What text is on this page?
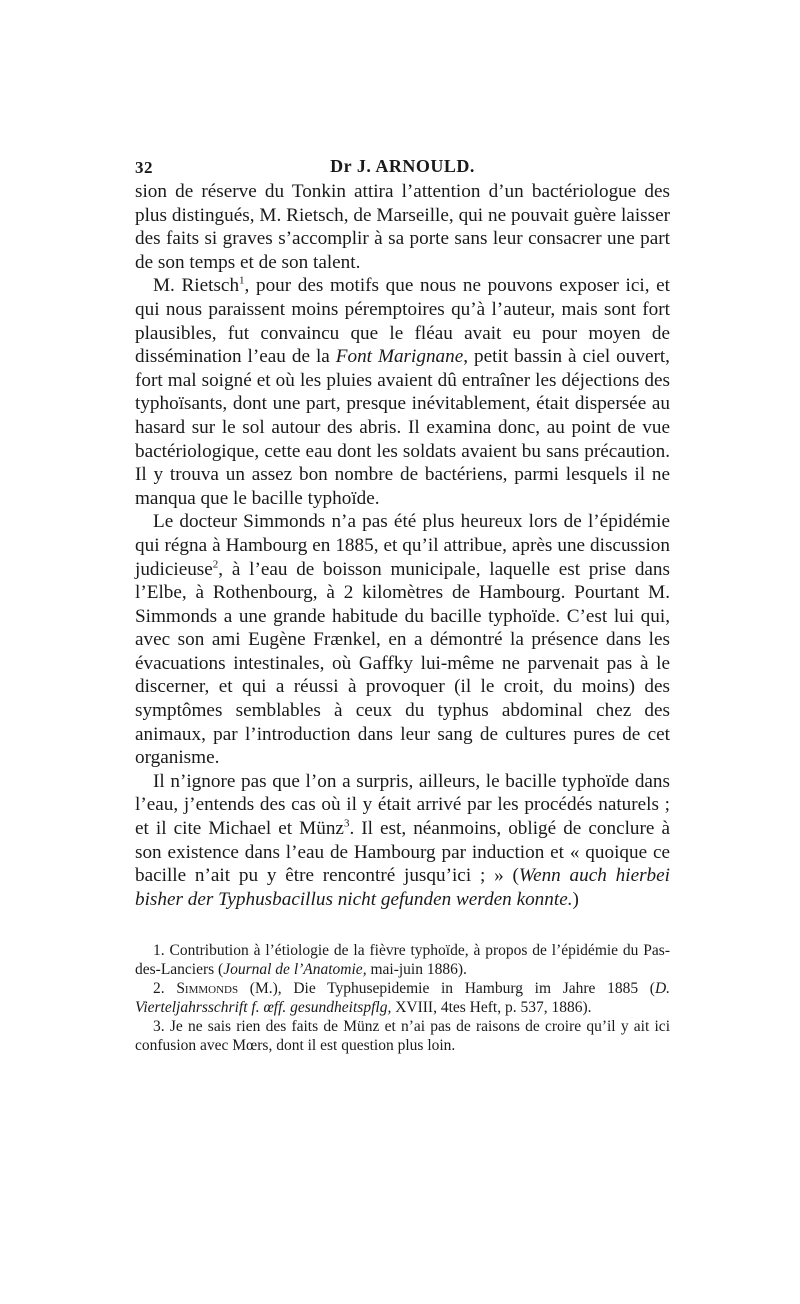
32	Dr J. ARNOULD.

sion de réserve du Tonkin attira l’attention d’un bactériologue des plus distingués, M. Rietsch, de Marseille, qui ne pouvait guère laisser des faits si graves s’accomplir à sa porte sans leur consacrer une part de son temps et de son talent.

M. Rietsch$^1$, pour des motifs que nous ne pouvons exposer ici, et qui nous paraissent moins péremptoires qu’à l’auteur, mais sont fort plausibles, fut convaincu que le fléau avait eu pour moyen de dissémination l’eau de la Font Marignane, petit bassin à ciel ouvert, fort mal soigné et où les pluies avaient dû entraîner les déjections des typhoïsants, dont une part, presque inévitablement, était dispersée au hasard sur le sol autour des abris. Il examina donc, au point de vue bactériologique, cette eau dont les soldats avaient bu sans précaution. Il y trouva un assez bon nombre de bactériens, parmi lesquels il ne manqua que le bacille typhoïde.

Le docteur Simmonds n’a pas été plus heureux lors de l’épidémie qui régna à Hambourg en 1885, et qu’il attribue, après une discussion judicieuse$^2$, à l’eau de boisson municipale, laquelle est prise dans l’Elbe, à Rothenbourg, à 2 kilomètres de Hambourg. Pourtant M. Simmonds a une grande habitude du bacille typhoïde. C’est lui qui, avec son ami Eugène Frænkel, en a démontré la présence dans les évacuations intestinales, où Gaffky lui-même ne parvenait pas à le discerner, et qui a réussi à provoquer (il le croit, du moins) des symptômes semblables à ceux du typhus abdominal chez des animaux, par l’introduction dans leur sang de cultures pures de cet organisme.

Il n’ignore pas que l’on a surpris, ailleurs, le bacille typhoïde dans l’eau, j’entends des cas où il y était arrivé par les procédés naturels ; et il cite Michael et Münz$^3$. Il est, néanmoins, obligé de conclure à son existence dans l’eau de Hambourg par induction et « quoique ce bacille n’ait pu y être rencontré jusqu’ici ; » (Wenn auch hierbei bisher der Typhusbacillus nicht gefunden werden konnte.)

1. Contribution à l’étiologie de la fièvre typhoïde, à propos de l’épidémie du Pas-des-Lanciers (Journal de l’Anatomie, mai-juin 1886).

2. Simmonds (M.), Die Typhusepidemie in Hamburg im Jahre 1885 (D. Vierteljahrsschrift f. œff. gesundheitspflg, XVIII, 4tes Heft, p. 537, 1886).

3. Je ne sais rien des faits de Münz et n’ai pas de raisons de croire qu’il y ait ici confusion avec Mœrs, dont il est question plus loin.
